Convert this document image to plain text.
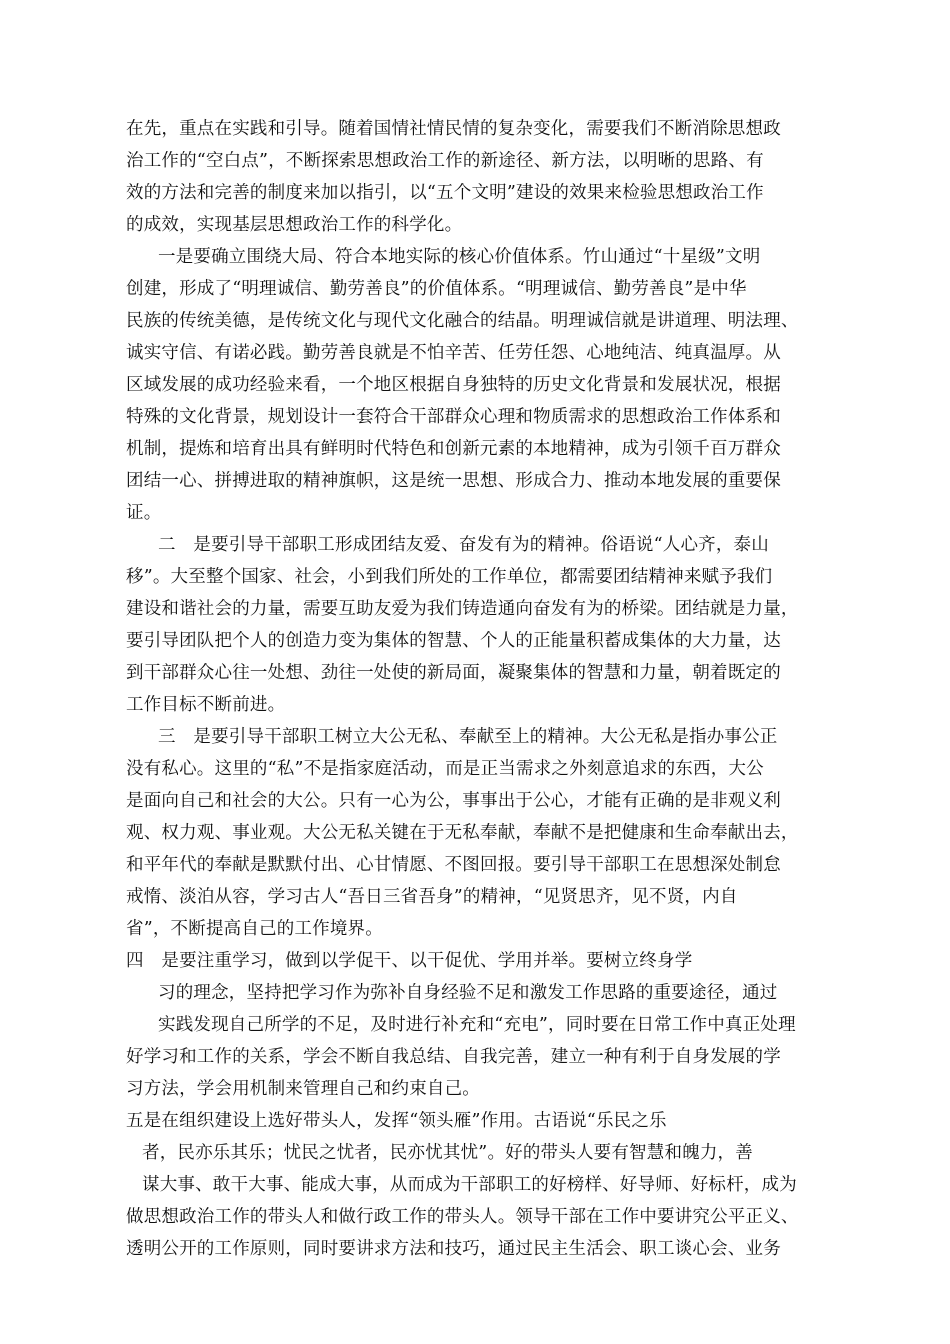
在先，重点在实践和引导。随着国情社情民情的复杂变化，需要我们不断消除思想政
治工作的“空白点”，不断探索思想政治工作的新途径、新方法，以明晰的思路、有
效的方法和完善的制度来加以指引，以“五个文明”建设的效果来检验思想政治工作
的成效，实现基层思想政治工作的科学化。
一是要确立围绕大局、符合本地实际的核心价值体系。竹山通过“十星级”文明
创建，形成了“明理诚信、勤劳善良”的价值体系。“明理诚信、勤劳善良”是中华
民族的传统美德，是传统文化与现代文化融合的结晶。明理诚信就是讲道理、明法理、
诚实守信、有诺必践。勤劳善良就是不怕辛苦、任劳任怨、心地纯洁、纯真温厚。从
区域发展的成功经验来看，一个地区根据自身独特的历史文化背景和发展状况，根据
特殊的文化背景，规划设计一套符合干部群众心理和物质需求的思想政治工作体系和
机制，提炼和培育出具有鲜明时代特色和创新元素的本地精神，成为引领千百万群众
团结一心、拼搏进取的精神旗帜，这是统一思想、形成合力、推动本地发展的重要保
证。
二　是要引导干部职工形成团结友爱、奋发有为的精神。俗语说“人心齐，泰山
移”。大至整个国家、社会，小到我们所处的工作单位，都需要团结精神来赋予我们
建设和谐社会的力量，需要互助友爱为我们铸造通向奋发有为的桥梁。团结就是力量，
要引导团队把个人的创造力变为集体的智慧、个人的正能量积蓄成集体的大力量，达
到干部群众心往一处想、劲往一处使的新局面，凝聚集体的智慧和力量，朝着既定的
工作目标不断前进。
三　是要引导干部职工树立大公无私、奉献至上的精神。大公无私是指办事公正
没有私心。这里的“私”不是指家庭活动，而是正当需求之外刻意追求的东西，大公
是面向自己和社会的大公。只有一心为公，事事出于公心，才能有正确的是非观义利
观、权力观、事业观。大公无私关键在于无私奉献，奉献不是把健康和生命奉献出去，
和平年代的奉献是默默付出、心甘情愿、不图回报。要引导干部职工在思想深处制怠
戒惰、淡泊从容，学习古人“吾日三省吾身”的精神，“见贤思齐，见不贤，内自
省”，不断提高自己的工作境界。
四　是要注重学习，做到以学促干、以干促优、学用并举。要树立终身学
习的理念，坚持把学习作为弥补自身经验不足和激发工作思路的重要途径，通过
实践发现自己所学的不足，及时进行补充和“充电”，同时要在日常工作中真正处理
好学习和工作的关系，学会不断自我总结、自我完善，建立一种有利于自身发展的学
习方法，学会用机制来管理自己和约束自己。
五是在组织建设上选好带头人，发挥“领头雁”作用。古语说“乐民之乐
者，民亦乐其乐；忧民之忧者，民亦忧其忧”。好的带头人要有智慧和魄力，善
谋大事、敢干大事、能成大事，从而成为干部职工的好榜样、好导师、好标杆，成为
做思想政治工作的带头人和做行政工作的带头人。领导干部在工作中要讲究公平正义、
透明公开的工作原则，同时要讲求方法和技巧，通过民主生活会、职工谈心会、业务
